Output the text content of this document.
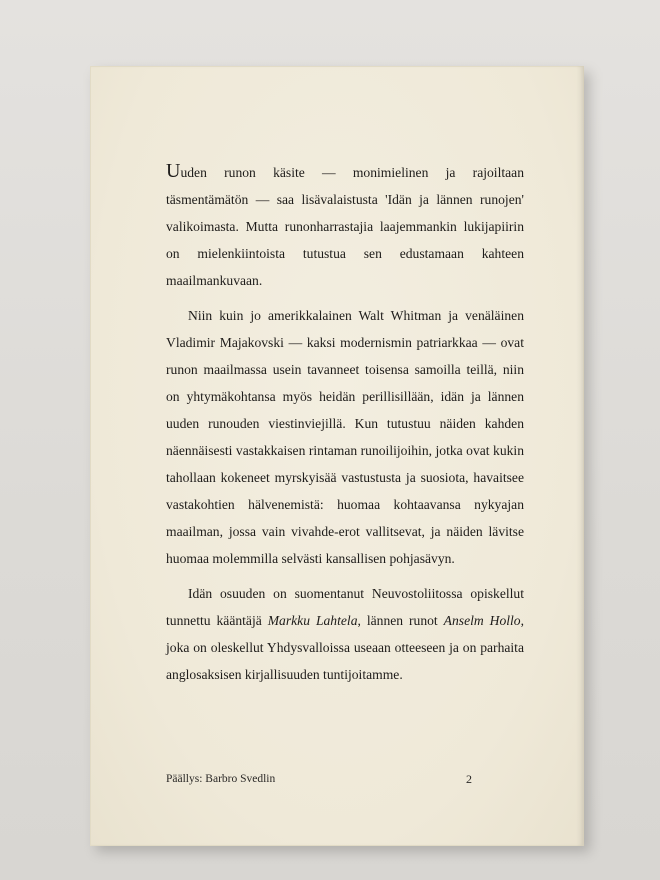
Uuden runon käsite — monimielinen ja rajoiltaan täsmentämätön — saa lisävalaistusta 'Idän ja lännen runojen' valikoimasta. Mutta runonharrastajia laajemmankin lukijapiirin on mielenkiintoista tutustua sen edustamaan kahteen maailmankuvaan.

Niin kuin jo amerikkalainen Walt Whitman ja venäläinen Vladimir Majakovski — kaksi modernismin patriarkkaa — ovat runon maailmassa usein tavanneet toisensa samoilla teillä, niin on yhtymäkohtansa myös heidän perillisillään, idän ja lännen uuden runouden viestinviejillä. Kun tutustuu näiden kahden näennäisesti vastakkaisen rintaman runoilijoihin, jotka ovat kukin tahollaan kokeneet myrskyisää vastustusta ja suosiota, havaitsee vastakohtien hälvenemistä: huomaa kohtaavansa nykyajan maailman, jossa vain vivahde-erot vallitsevat, ja näiden lävitse huomaa molemmilla selvästi kansallisen pohjasävyn.

Idän osuuden on suomentanut Neuvostoliitossa opiskellut tunnettu kääntäjä Markku Lahtela, lännen runot Anselm Hollo, joka on oleskellut Yhdysvalloissa useaan otteeseen ja on parhaita anglosaksisen kirjallisuuden tuntijoitamme.

Päällys: Barbro Svedlin	2
